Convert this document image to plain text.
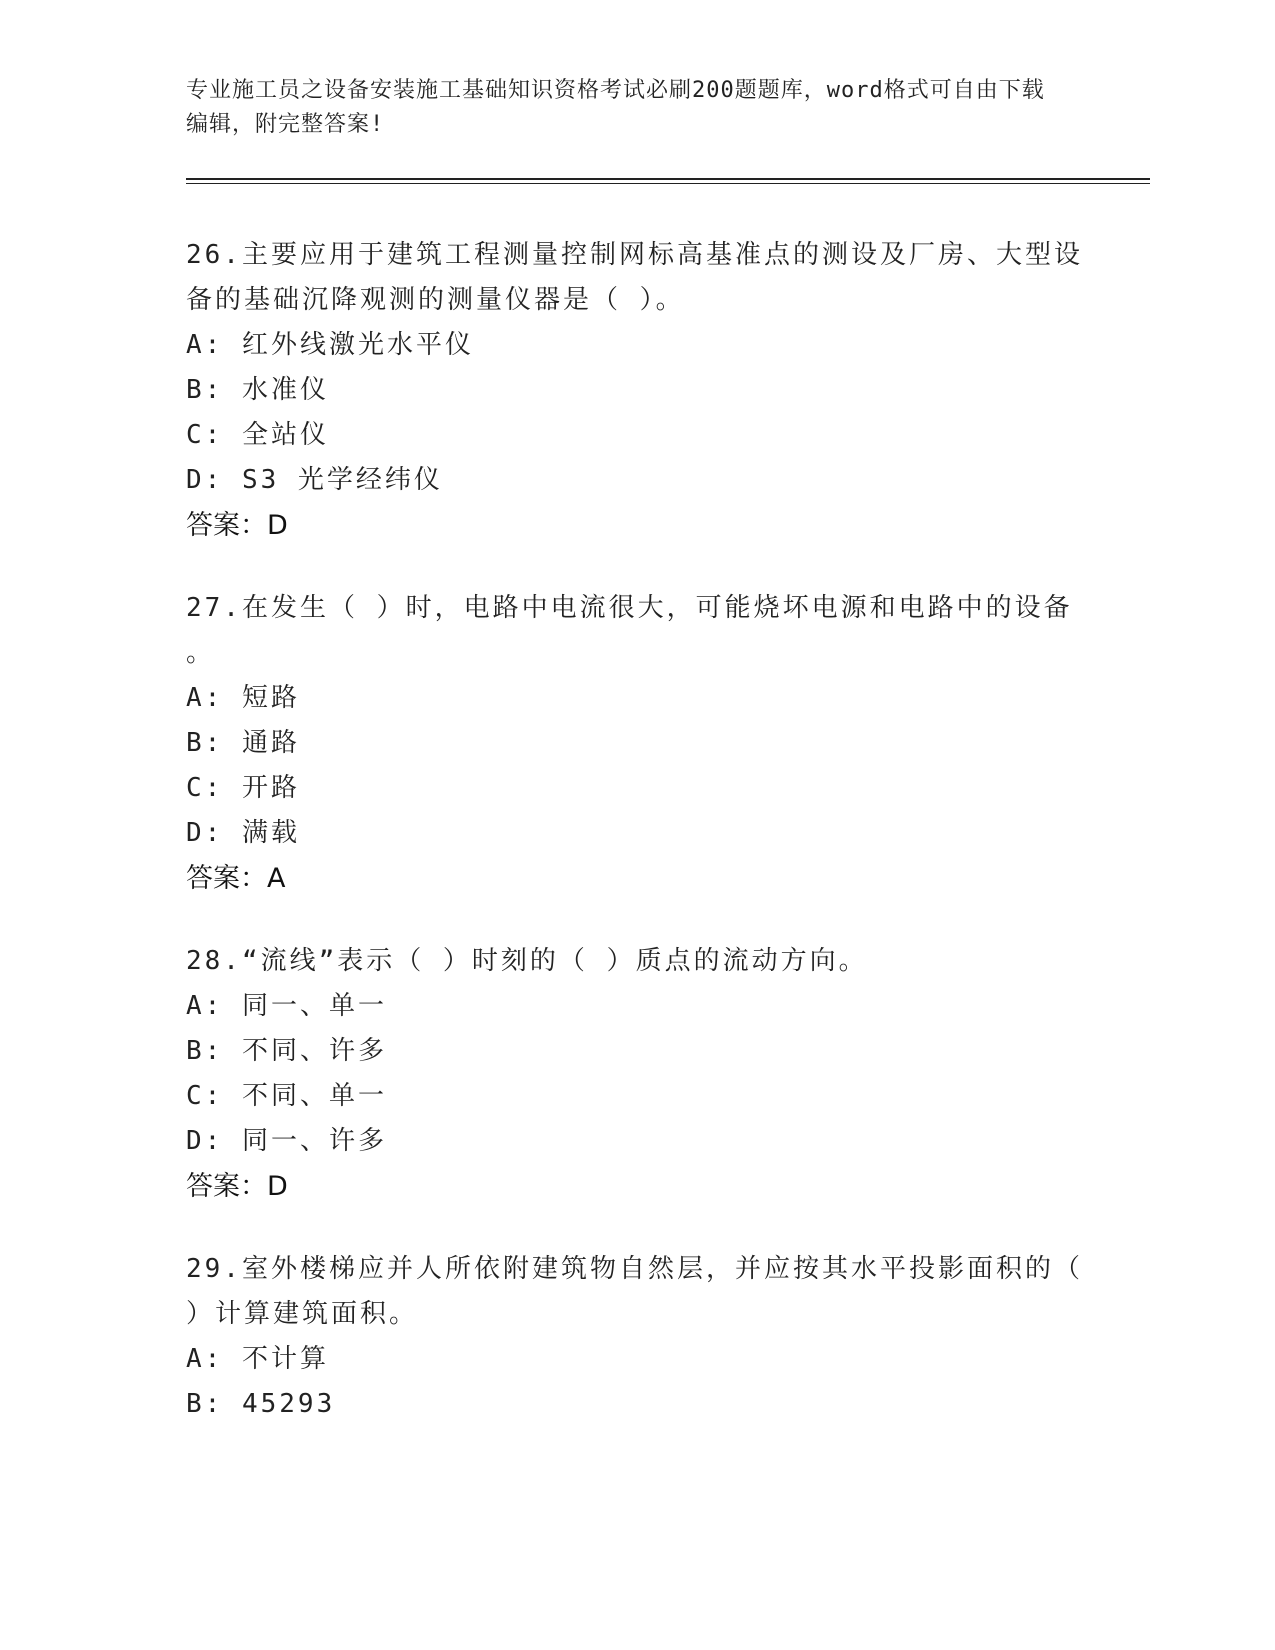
专业施工员之设备安装施工基础知识资格考试必刷200题题库，word格式可自由下载编辑，附完整答案!

26.主要应用于建筑工程测量控制网标高基准点的测设及厂房、大型设备的基础沉降观测的测量仪器是（ ）。

A: 红外线激光水平仪

B: 水准仪

C: 全站仪

D: S3 光学经纬仪

答案：D

27.在发生（ ）时，电路中电流很大，可能烧坏电源和电路中的设备
。

A: 短路

B: 通路

C: 开路

D: 满载

答案：A

28.“流线”表示（ ）时刻的（ ）质点的流动方向。

A: 同一、单一

B: 不同、许多

C: 不同、单一

D: 同一、许多

答案：D

29.室外楼梯应并人所依附建筑物自然层，并应按其水平投影面积的（
）计算建筑面积。

A: 不计算

B: 45293
